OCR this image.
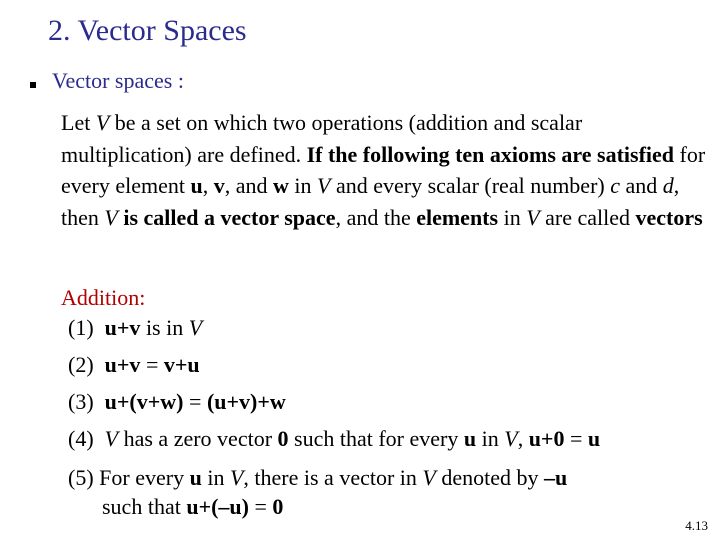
2. Vector Spaces
Vector spaces :
Let V be a set on which two operations (addition and scalar multiplication) are defined. If the following ten axioms are satisfied for every element u, v, and w in V and every scalar (real number) c and d, then V is called a vector space, and the elements in V are called vectors
Addition:
(1) u+v is in V
(2) u+v = v+u
(3) u+(v+w) = (u+v)+w
(4) V has a zero vector 0 such that for every u in V, u+0 = u
(5) For every u in V, there is a vector in V denoted by –u
such that u+(–u) = 0
4.13
